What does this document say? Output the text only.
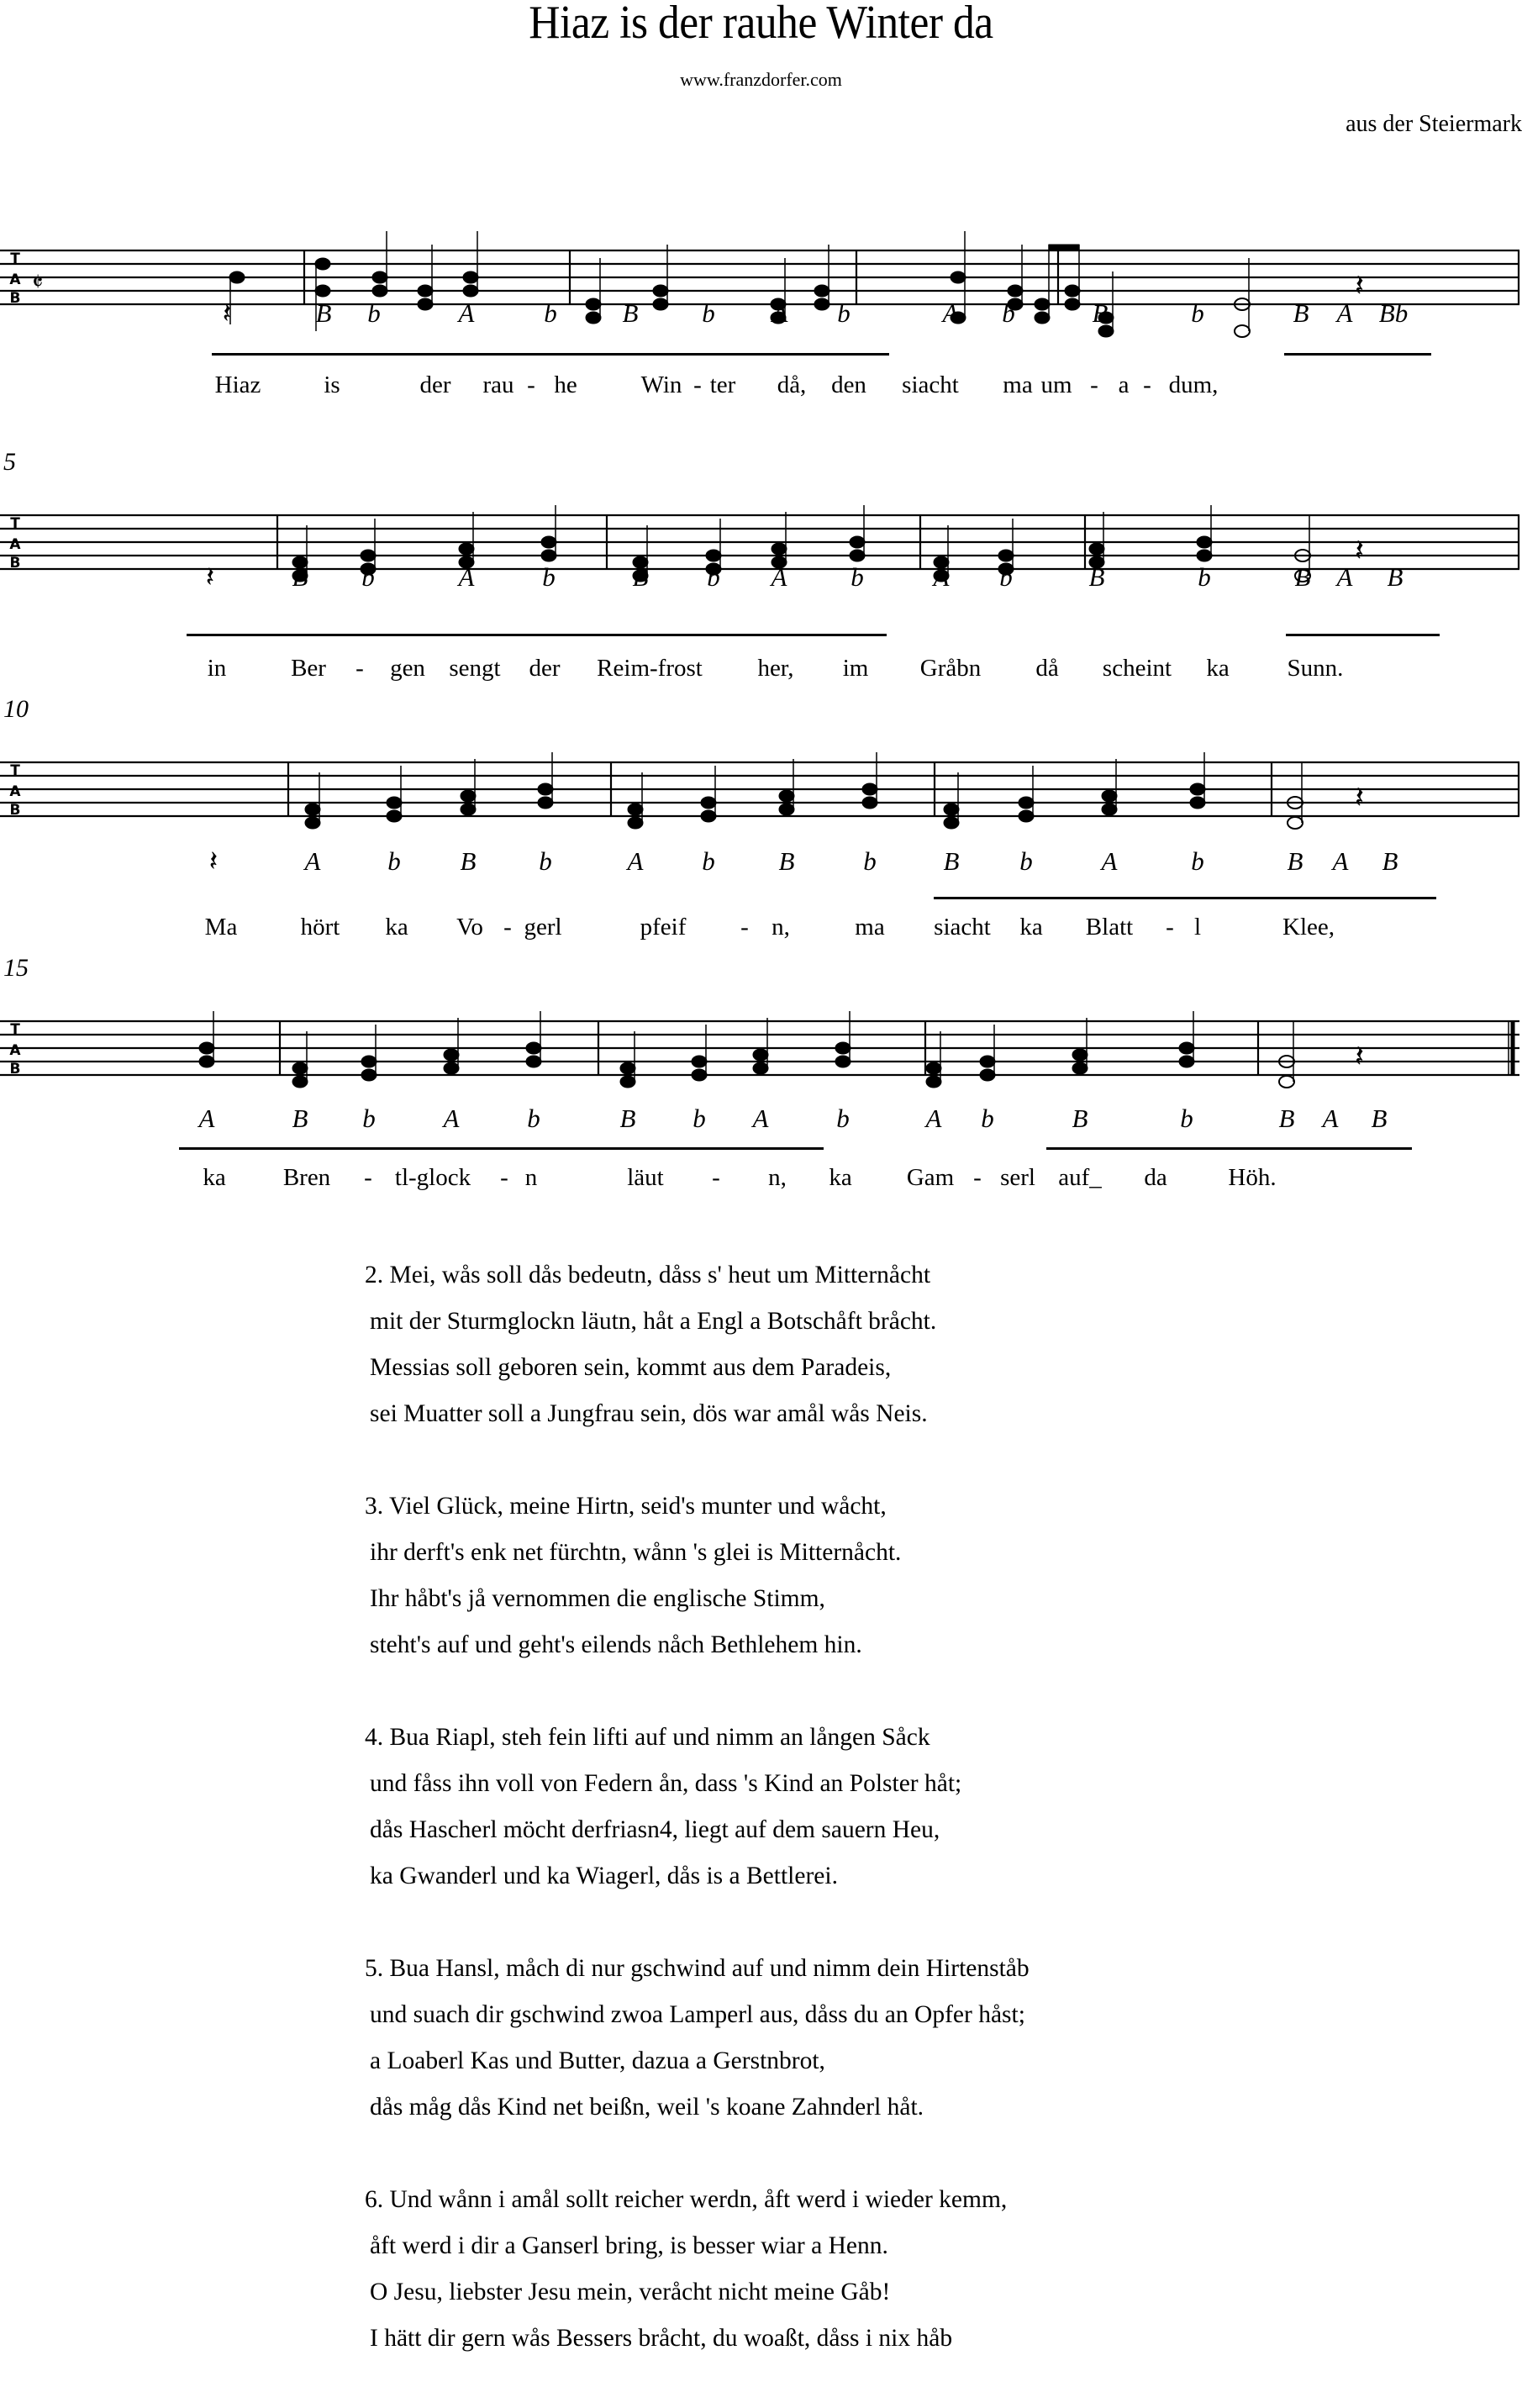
Hiaz is der rauhe Winter da
www.franzdorfer.com
aus der Steiermark
T
A
B
𝄵	𝄽
𝄽	B b	A	b	B b A b	A b	B	b	B A Bb
Hiaz	is	der rau - he	Win - ter då, den siacht ma um - a - dum,
T
A
B	𝄽
5
𝄽	B b	A	b	B b A b	A b	B	b	B A B
in	Ber - gen sengt der Reim-frost her, im Gråbn då scheint ka Sunn.
T
A
B	𝄽
10
𝄽	A	b B b	A b B	b	B b	A	b	B A B
Ma	hört ka Vo - gerl	pfeif - n,	ma siacht ka Blatt - l	Klee,
T
A
B	𝄽
15
A	B b	A	b	B b A	b	A b	B	b	B A B
ka Bren - tl-glock - n	läut - n, ka Gam - serl auf_ da	Höh.
2. Mei, wås soll dås bedeutn, dåss s' heut um Mitternåcht
mit der Sturmglockn läutn, håt a Engl a Botschåft bråcht.
Messias soll geboren sein, kommt aus dem Paradeis,
sei Muatter soll a Jungfrau sein, dös war amål wås Neis.
3. Viel Glück, meine Hirtn, seid's munter und wåcht,
ihr derft's enk net fürchtn, wånn 's glei is Mitternåcht.
Ihr håbt's jå vernommen die englische Stimm,
steht's auf und geht's eilends nåch Bethlehem hin.
4. Bua Riapl, steh fein lifti auf und nimm an lången Såck
und fåss ihn voll von Federn ån, dass 's Kind an Polster håt;
dås Hascherl möcht derfriasn4, liegt auf dem sauern Heu,
ka Gwanderl und ka Wiagerl, dås is a Bettlerei.
5. Bua Hansl, måch di nur gschwind auf und nimm dein Hirtenståb
und suach dir gschwind zwoa Lamperl aus, dåss du an Opfer håst;
a Loaberl Kas und Butter, dazua a Gerstnbrot,
dås måg dås Kind net beißn, weil 's koane Zahnderl håt.
6. Und wånn i amål sollt reicher werdn, åft werd i wieder kemm,
åft werd i dir a Ganserl bring, is besser wiar a Henn.
O Jesu, liebster Jesu mein, veråcht nicht meine Gåb!
I hätt dir gern wås Bessers bråcht, du woaßt, dåss i nix håb
